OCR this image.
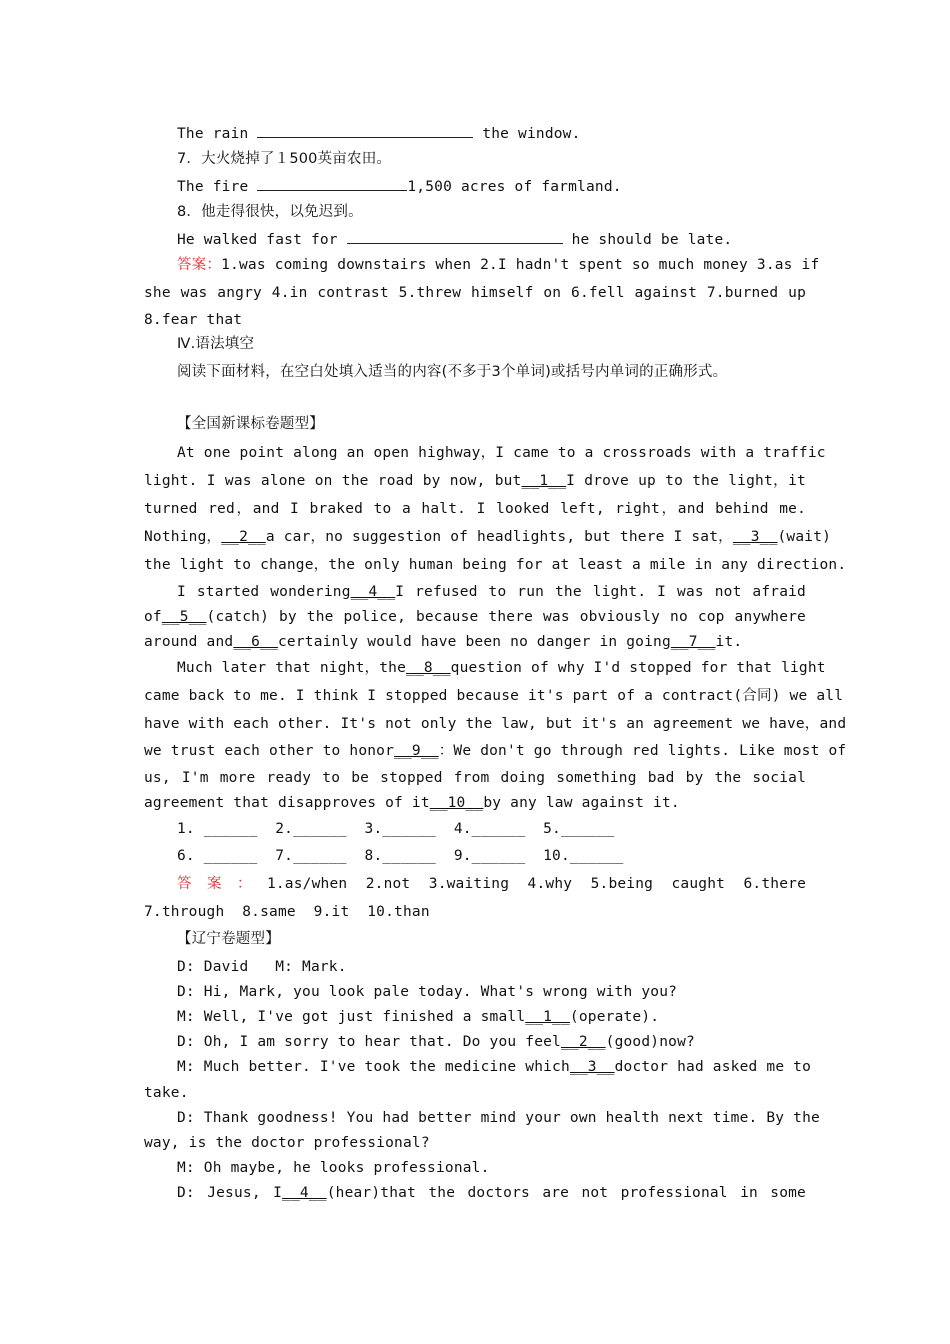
The rain	the window.
7．大火烧掉了１500英亩农田。
The fire	1,500 acres of farmland.
8．他走得很快，以免迟到。
He walked fast for	he should be late.
答案：1.was coming downstairs when 2.I hadn't spent so much money 3.as if
she was angry 4.in contrast 5.threw himself on 6.fell against 7.burned up
8.fear that
Ⅳ.语法填空
阅读下面材料，在空白处填入适当的内容(不多于3个单词)或括号内单词的正确形式。
【全国新课标卷题型】
At one point along an open highway，I came to a crossroads with a traffic
light. I was alone on the road by now, but__1__I drove up to the light，it
turned red，and I braked to a halt. I looked left, right，and behind me.
Nothing，__2__a car，no suggestion of headlights, but there I sat，__3__(wait)
the light to change，the only human being for at least a mile in any direction.
I started wondering__4__I refused to run the light. I was not afraid
of__5__(catch) by the police, because there was obviously no cop anywhere
around and__6__certainly would have been no danger in going__7__it.
Much later that night，the__8__question of why I'd stopped for that light
came back to me. I think I stopped because it's part of a contract(合同) we all
have with each other. It's not only the law, but it's an agreement we have，and
we trust each other to honor__9__：We don't go through red lights. Like most of
us, I'm more ready to be stopped from doing something bad by the social
agreement that disapproves of it__10__by any law against it.
1. ______  2.______  3.______  4.______  5.______
6. ______  7.______  8.______  9.______  10.______
答案：1.as/when 2.not 3.waiting 4.why 5.being caught 6.there
7.through  8.same  9.it  10.than
【辽宁卷题型】
D: David   M: Mark.
D: Hi, Mark, you look pale today. What's wrong with you?
M: Well, I've got just finished a small__1__(operate).
D: Oh, I am sorry to hear that. Do you feel__2__(good)now?
M: Much better. I've took the medicine which__3__doctor had asked me to
take.
D: Thank goodness! You had better mind your own health next time. By the
way, is the doctor professional?
M: Oh maybe, he looks professional.
D: Jesus, I__4__(hear)that the doctors are not professional in some
